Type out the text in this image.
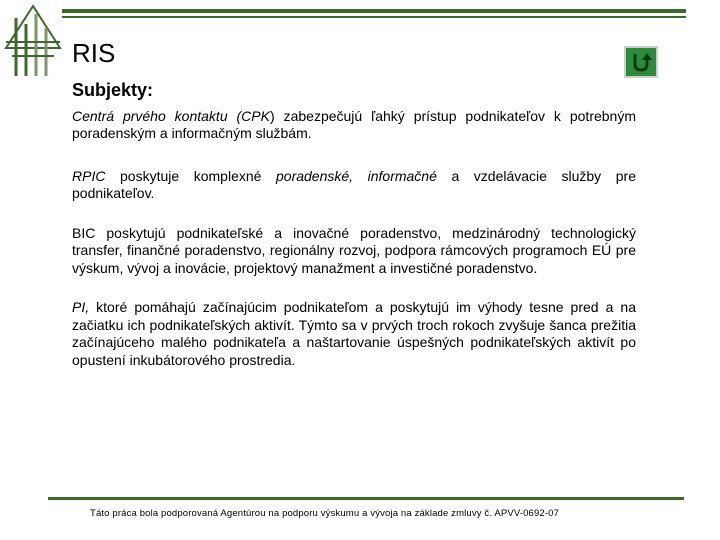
RIS
Subjekty:

Centrá prvého kontaktu (CPK) zabezpečujú ľahký prístup podnikateľov k potrebným poradenským a informačným službám.

RPIC poskytuje komplexné poradenské, informačné a vzdelávacie služby pre podnikateľov.

BIC poskytujú podnikateľské a inovačné poradenstvo, medzinárodný technologický transfer, finančné poradenstvo, regionálny rozvoj, podpora rámcových programoch EÚ pre výskum, vývoj a inovácie, projektový manažment a investičné poradenstvo.

PI, ktoré pomáhajú začínajúcim podnikateľom a poskytujú im výhody tesne pred a na začiatku ich podnikateľských aktivít. Týmto sa v prvých troch rokoch zvyšuje šanca prežitia začínajúceho malého podnikateľa a naštartovanie úspešných podnikateľských aktivít po opustení inkubátorového prostredia.

Táto práca bola podporovaná Agentúrou na podporu výskumu a vývoja na základe zmluvy č. APVV-0692-07
